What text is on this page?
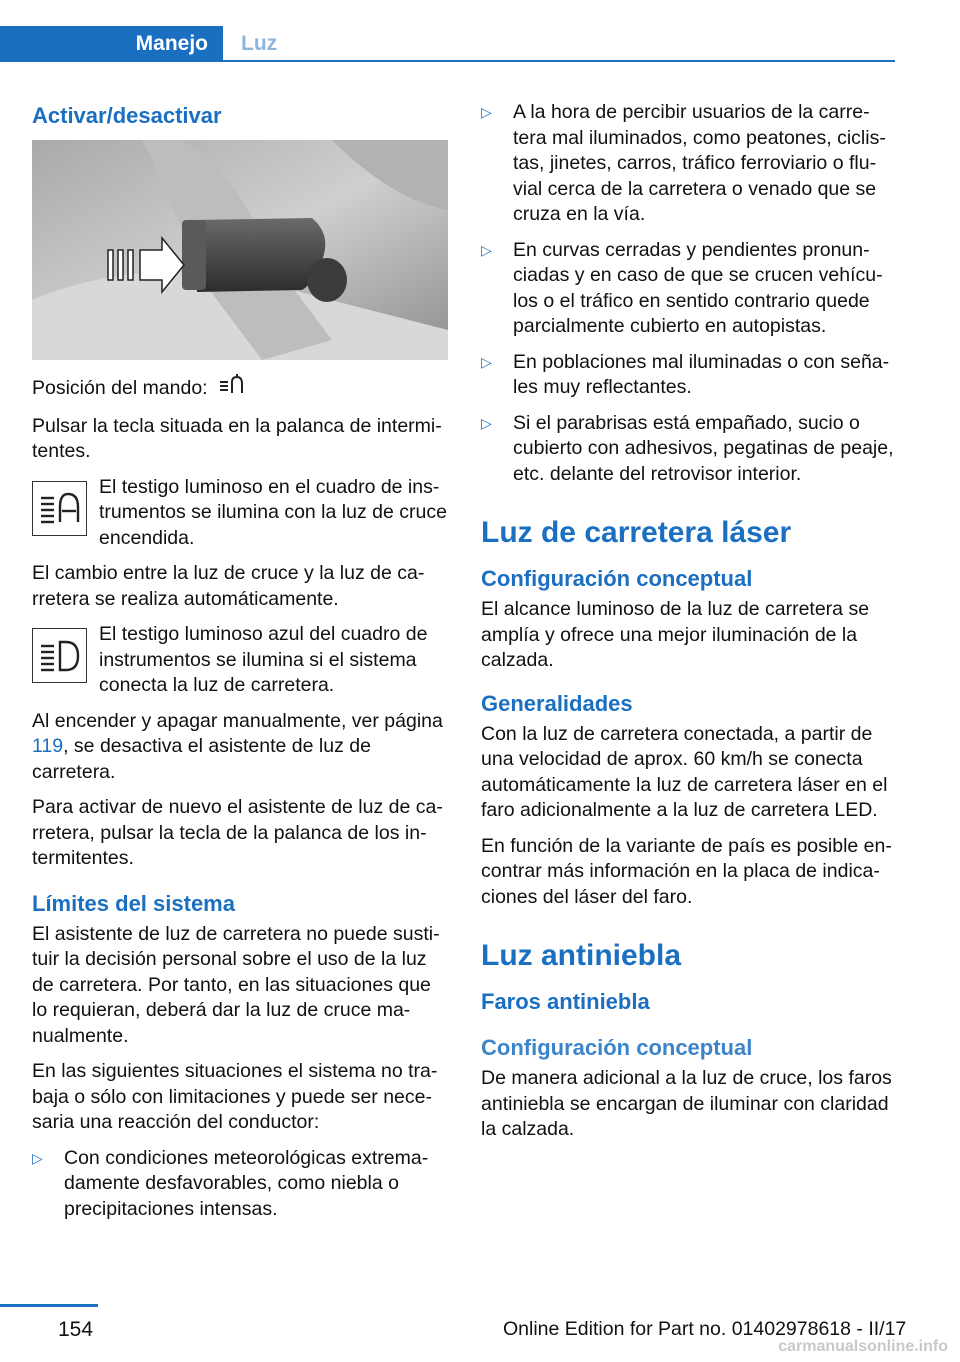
Manejo	Luz
Activar/desactivar

Posición del mando:

Pulsar la tecla situada en la palanca de intermitentes.

El testigo luminoso en el cuadro de instrumentos se ilumina con la luz de cruce encendida.

El cambio entre la luz de cruce y la luz de carretera se realiza automáticamente.

El testigo luminoso azul del cuadro de instrumentos se ilumina si el sistema conecta la luz de carretera.

Al encender y apagar manualmente, ver página 119, se desactiva el asistente de luz de carretera.

Para activar de nuevo el asistente de luz de carretera, pulsar la tecla de la palanca de los intermitentes.

Límites del sistema

El asistente de luz de carretera no puede sustituir la decisión personal sobre el uso de la luz de carretera. Por tanto, en las situaciones que lo requieran, deberá dar la luz de cruce manualmente.

En las siguientes situaciones el sistema no trabaja o sólo con limitaciones y puede ser necesaria una reacción del conductor:

▷	Con condiciones meteorológicas extremadamente desfavorables, como niebla o precipitaciones intensas.
▷	A la hora de percibir usuarios de la carretera mal iluminados, como peatones, ciclistas, jinetes, carros, tráfico ferroviario o fluvial cerca de la carretera o venado que se cruza en la vía.
▷	En curvas cerradas y pendientes pronunciadas y en caso de que se crucen vehículos o el tráfico en sentido contrario quede parcialmente cubierto en autopistas.
▷	En poblaciones mal iluminadas o con señales muy reflectantes.
▷	Si el parabrisas está empañado, sucio o cubierto con adhesivos, pegatinas de peaje, etc. delante del retrovisor interior.
Luz de carretera láser
Configuración conceptual

El alcance luminoso de la luz de carretera se amplía y ofrece una mejor iluminación de la calzada.

Generalidades

Con la luz de carretera conectada, a partir de una velocidad de aprox. 60 km/h se conecta automáticamente la luz de carretera láser en el faro adicionalmente a la luz de carretera LED.

En función de la variante de país es posible encontrar más información en la placa de indicaciones del láser del faro.

Luz antiniebla
Faros antiniebla
Configuración conceptual

De manera adicional a la luz de cruce, los faros antiniebla se encargan de iluminar con claridad la calzada.

154	Online Edition for Part no. 01402978618 - II/17
carmanualsonline.info
